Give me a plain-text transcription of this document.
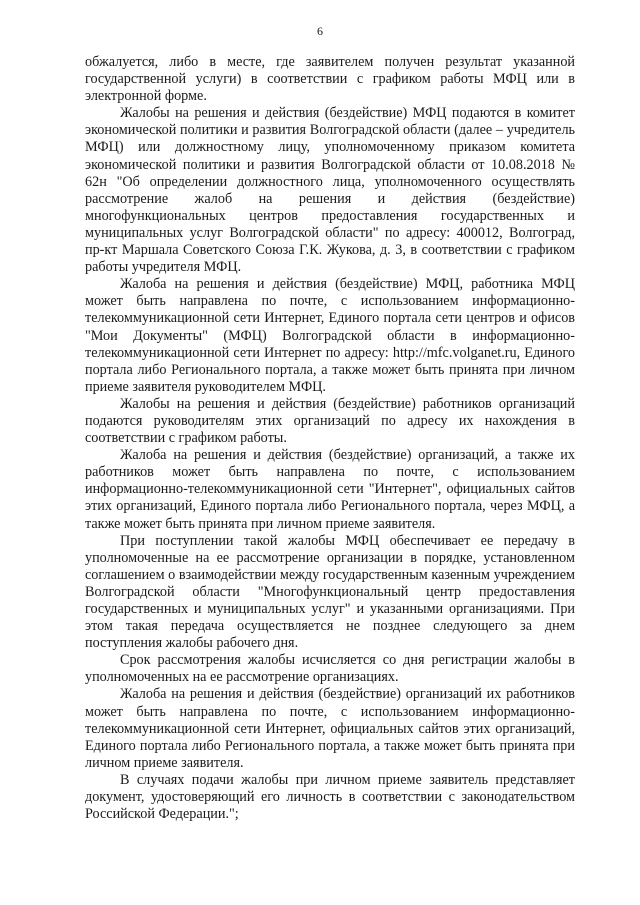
6

обжалуется, либо в месте, где заявителем получен результат указанной государственной услуги) в соответствии с графиком работы МФЦ или в электронной форме.

Жалобы на решения и действия (бездействие) МФЦ подаются в комитет экономической политики и развития Волгоградской области (далее – учредитель МФЦ) или должностному лицу, уполномоченному приказом комитета экономической политики и развития Волгоградской области от 10.08.2018 № 62н "Об определении должностного лица, уполномоченного осуществлять рассмотрение жалоб на решения и действия (бездействие) многофункциональных центров предоставления государственных и муниципальных услуг Волгоградской области" по адресу: 400012, Волгоград, пр-кт Маршала Советского Союза Г.К. Жукова, д. 3, в соответствии с графиком работы учредителя МФЦ.

Жалоба на решения и действия (бездействие) МФЦ, работника МФЦ может быть направлена по почте, с использованием информационно-телекоммуникационной сети Интернет, Единого портала сети центров и офисов "Мои Документы" (МФЦ) Волгоградской области в информационно-телекоммуникационной сети Интернет по адресу: http://mfc.volganet.ru, Единого портала либо Регионального портала, а также может быть принята при личном приеме заявителя руководителем МФЦ.

Жалобы на решения и действия (бездействие) работников организаций подаются руководителям этих организаций по адресу их нахождения в соответствии с графиком работы.

Жалоба на решения и действия (бездействие) организаций, а также их работников может быть направлена по почте, с использованием информационно-телекоммуникационной сети "Интернет", официальных сайтов этих организаций, Единого портала либо Регионального портала, через МФЦ, а также может быть принята при личном приеме заявителя.

При поступлении такой жалобы МФЦ обеспечивает ее передачу в уполномоченные на ее рассмотрение организации в порядке, установленном соглашением о взаимодействии между государственным казенным учреждением Волгоградской области "Многофункциональный центр предоставления государственных и муниципальных услуг" и указанными организациями. При этом такая передача осуществляется не позднее следующего за днем поступления жалобы рабочего дня.

Срок рассмотрения жалобы исчисляется со дня регистрации жалобы в уполномоченных на ее рассмотрение организациях.

Жалоба на решения и действия (бездействие) организаций их работников может быть направлена по почте, с использованием информационно-телекоммуникационной сети Интернет, официальных сайтов этих организаций, Единого портала либо Регионального портала, а также может быть принята при личном приеме заявителя.

В случаях подачи жалобы при личном приеме заявитель представляет документ, удостоверяющий его личность в соответствии с законодательством Российской Федерации.";
